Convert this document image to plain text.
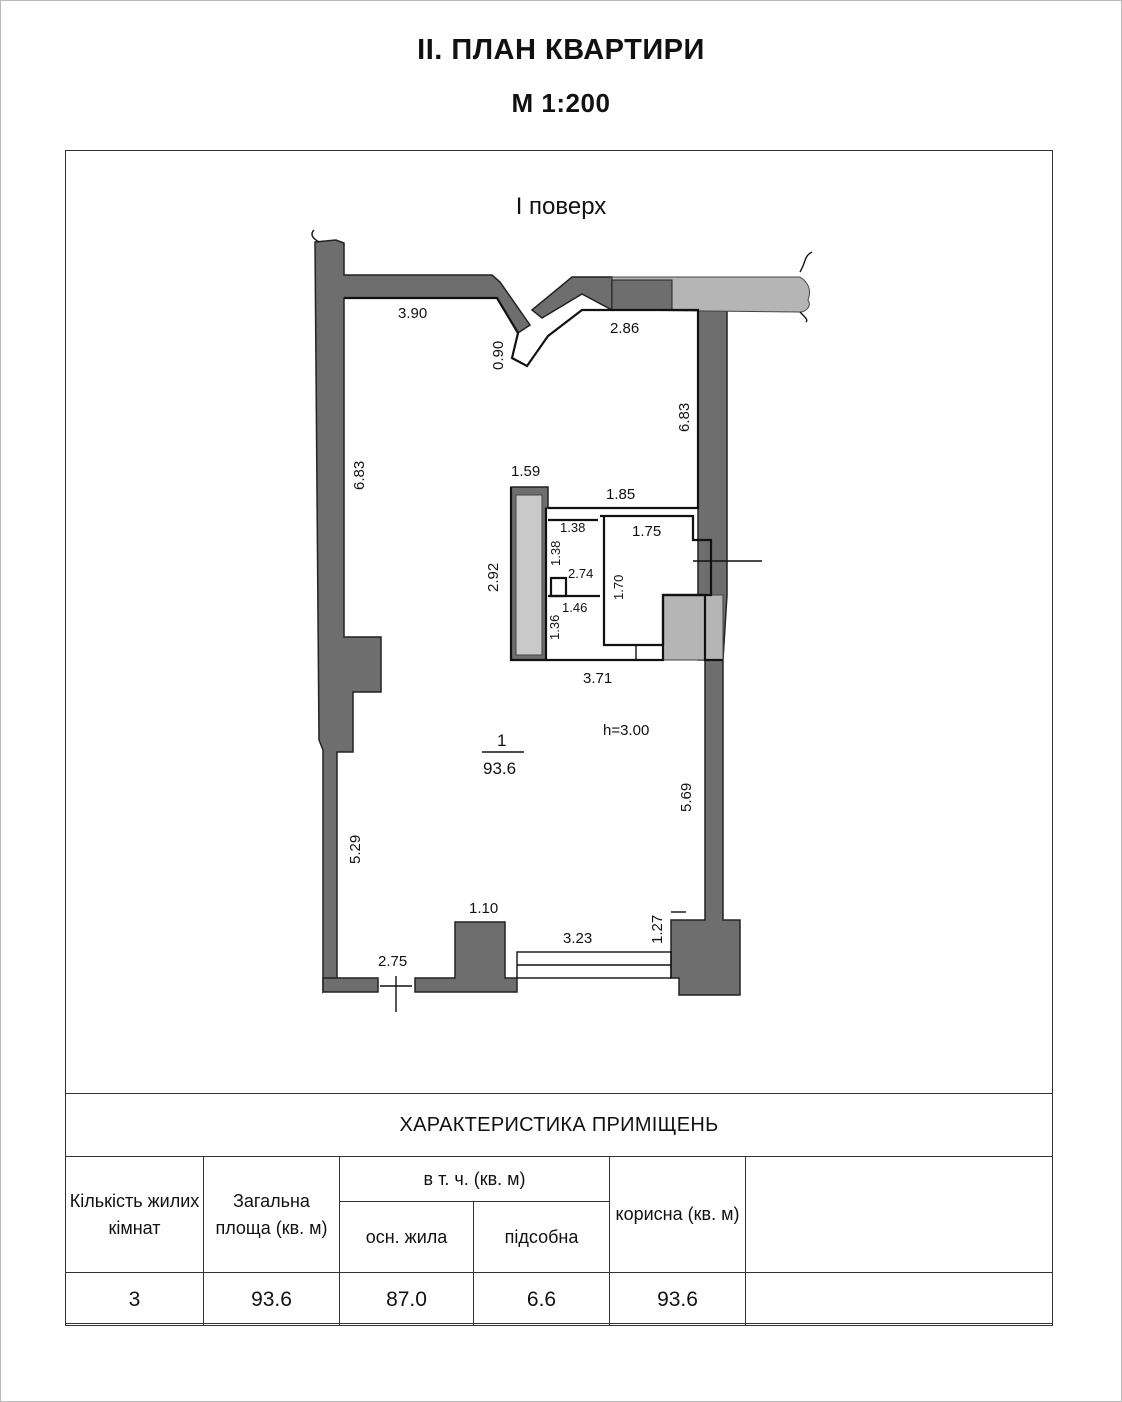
II. ПЛАН КВАРТИРИ
М 1:200
І поверх
3.90
0.90
2.86
6.83
6.83
1.59
1.85
1.38
1.38
2.74
1.75
1.70
1.46
1.36
2.92
3.71
5.29
5.69
1.10
3.23	1.27
2.75
h=3.00
1
93.6
ХАРАКТЕРИСТИКА ПРИМІЩЕНЬ					
Кількість жилих кімнат	Загальна площа (кв. м)	в т. ч. (кв. м)		корисна (кв. м)	
		осн. жила	підсобна		
3	93.6	87.0	6.6	93.6	
